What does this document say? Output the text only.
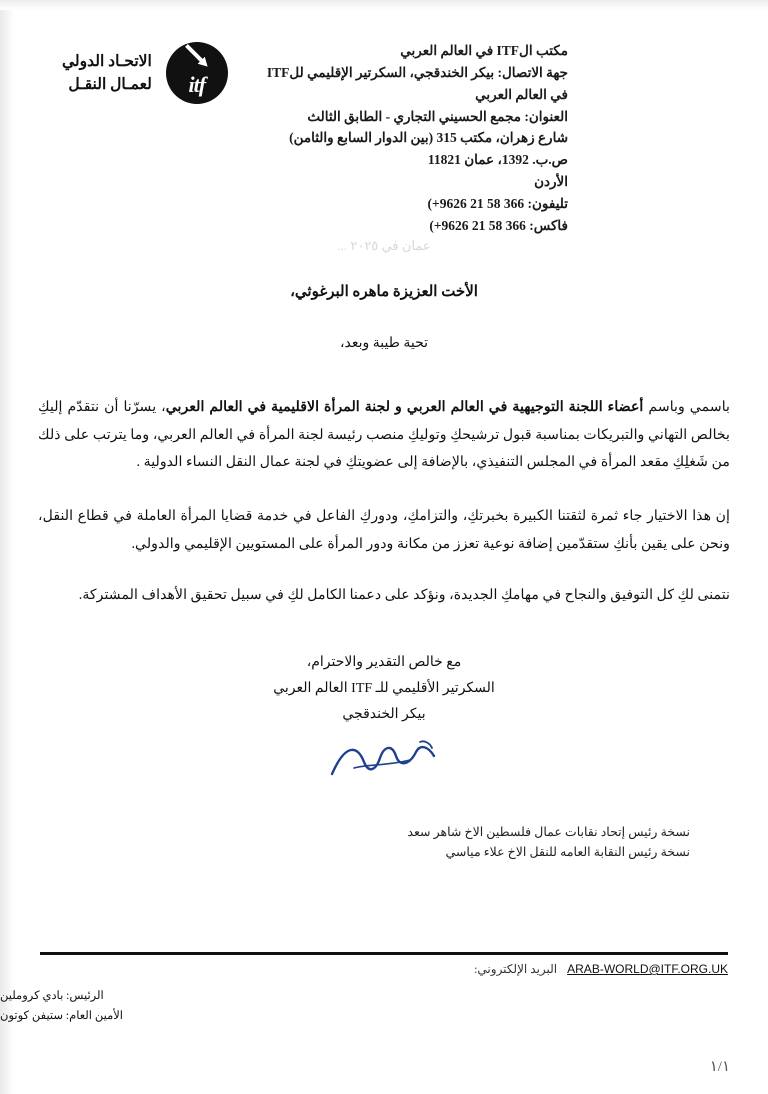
مكتب الITF في العالم العربي
جهة الاتصال: بيكر الخندقجي، السكرتير الإقليمي للITF
في العالم العربي
العنوان: مجمع الحسيني التجاري - الطابق الثالث
شارع زهران، مكتب 315 (بين الدوار السابع والثامن)
ص.ب. 1392، عمان 11821
الأردن
تليفون: 366 58 21 9626+)
فاكس: 366 58 21 9626+)
itf
الاتحـاد الدولي
لعمـال النقـل
عمان في ٢٠٢٥ ...

الأخت العزيزة ماهره البرغوثي،

تحية طيبة وبعد،

باسمي وباسم أعضاء اللجنة التوجيهية في العالم العربي و لجنة المرأة الاقليمية في العالم العربي، يسرّنا أن نتقدّم إليكِ بخالص التهاني والتبريكات بمناسبة قبول ترشيحكِ وتوليكِ منصب رئيسة لجنة المرأة في العالم العربي، وما يترتب على ذلك من شَغلِكِ مقعد المرأة في المجلس التنفيذي، بالإضافة إلى عضويتكِ في لجنة عمال النقل النساء الدولية .

إن هذا الاختيار جاء ثمرة لثقتنا الكبيرة بخبرتكِ، والتزامكِ، ودوركِ الفاعل في خدمة قضايا المرأة العاملة في قطاع النقل، ونحن على يقين بأنكِ ستقدّمين إضافة نوعية تعزز من مكانة ودور المرأة على المستويين الإقليمي والدولي.

نتمنى لكِ كل التوفيق والنجاح في مهامكِ الجديدة، ونؤكد على دعمنا الكامل لكِ في سبيل تحقيق الأهداف المشتركة.

مع خالص التقدير والاحترام،
السكرتير الأقليمي للـ ITF العالم العربي
بيكر الخندقجي
نسخة رئيس إتحاد نقابات عمال فلسطين الاخ شاهر سعد
نسخة رئيس النقابة العامه للنقل الاخ علاء مياسي
ARAB-WORLD@ITF.ORG.UK
البريد الإلكتروني:
الرئيس: بادي كروملين
الأمين العام: ستيفن كوتون
١/١
